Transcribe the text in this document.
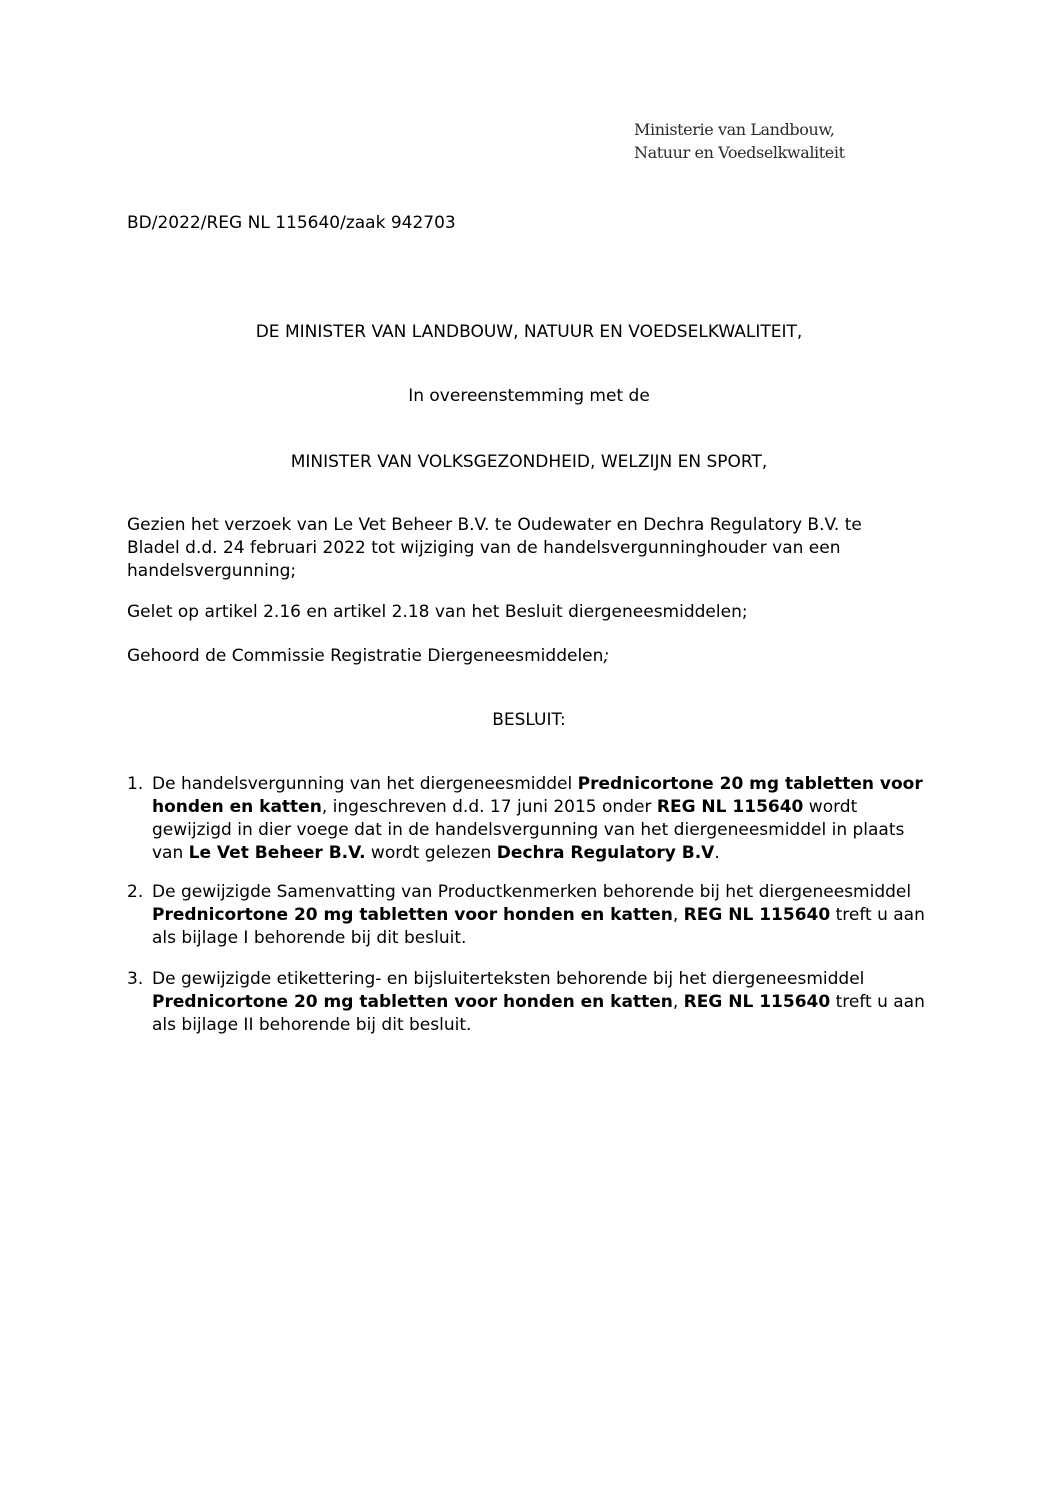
Ministerie van Landbouw,
Natuur en Voedselkwaliteit
BD/2022/REG NL 115640/zaak 942703
DE MINISTER VAN LANDBOUW, NATUUR EN VOEDSELKWALITEIT,
In overeenstemming met de
MINISTER VAN VOLKSGEZONDHEID, WELZIJN EN SPORT,
Gezien het verzoek van Le Vet Beheer B.V. te Oudewater en Dechra Regulatory B.V. te Bladel d.d. 24 februari 2022 tot wijziging van de handelsvergunninghouder van een handelsvergunning;
Gelet op artikel 2.16 en artikel 2.18 van het Besluit diergeneesmiddelen;
Gehoord de Commissie Registratie Diergeneesmiddelen;
BESLUIT:
1. De handelsvergunning van het diergeneesmiddel Prednicortone 20 mg tabletten voor honden en katten, ingeschreven d.d. 17 juni 2015 onder REG NL 115640 wordt gewijzigd in dier voege dat in de handelsvergunning van het diergeneesmiddel in plaats van Le Vet Beheer B.V. wordt gelezen Dechra Regulatory B.V.
2. De gewijzigde Samenvatting van Productkenmerken behorende bij het diergeneesmiddel Prednicortone 20 mg tabletten voor honden en katten, REG NL 115640 treft u aan als bijlage I behorende bij dit besluit.
3. De gewijzigde etikettering- en bijsluiterteksten behorende bij het diergeneesmiddel Prednicortone 20 mg tabletten voor honden en katten, REG NL 115640 treft u aan als bijlage II behorende bij dit besluit.
